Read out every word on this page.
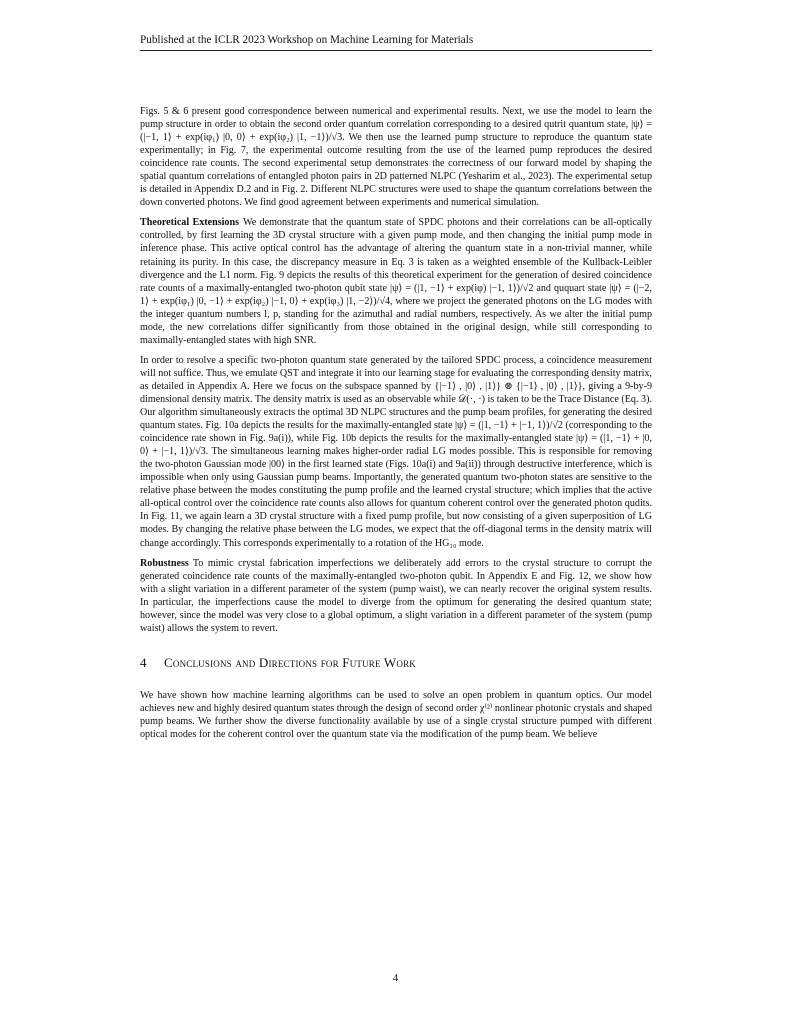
Published at the ICLR 2023 Workshop on Machine Learning for Materials

Figs. 5 & 6 present good correspondence between numerical and experimental results. Next, we use the model to learn the pump structure in order to obtain the second order quantum correlation corresponding to a desired qutrit quantum state, |ψ⟩ = (|−1, 1⟩ + exp(iφ₁) |0, 0⟩ + exp(iφ₂) |1, −1⟩)/√3. We then use the learned pump structure to reproduce the quantum state experimentally; in Fig. 7, the experimental outcome resulting from the use of the learned pump reproduces the desired coincidence rate counts. The second experimental setup demonstrates the correctness of our forward model by shaping the spatial quantum correlations of entangled photon pairs in 2D patterned NLPC (Yesharim et al., 2023). The experimental setup is detailed in Appendix D.2 and in Fig. 2. Different NLPC structures were used to shape the quantum correlations between the down converted photons. We find good agreement between experiments and numerical simulation.

Theoretical Extensions We demonstrate that the quantum state of SPDC photons and their correlations can be all-optically controlled, by first learning the 3D crystal structure with a given pump mode, and then changing the initial pump mode in inference phase. This active optical control has the advantage of altering the quantum state in a non-trivial manner, while retaining its purity. In this case, the discrepancy measure in Eq. 3 is taken as a weighted ensemble of the Kullback-Leibler divergence and the L1 norm. Fig. 9 depicts the results of this theoretical experiment for the generation of desired coincidence rate counts of a maximally-entangled two-photon qubit state |ψ⟩ = (|1, −1⟩ + exp(iφ) |−1, 1⟩)/√2 and ququart state |ψ⟩ = (|−2, 1⟩ + exp(iφ₁) |0, −1⟩ + exp(iφ₂) |−1, 0⟩ + exp(iφ₃) |1, −2⟩)/√4, where we project the generated photons on the LG modes with the integer quantum numbers l, p, standing for the azimuthal and radial numbers, respectively. As we alter the initial pump mode, the new correlations differ significantly from those obtained in the original design, while still corresponding to maximally-entangled states with high SNR.

In order to resolve a specific two-photon quantum state generated by the tailored SPDC process, a coincidence measurement will not suffice. Thus, we emulate QST and integrate it into our learning stage for evaluating the corresponding density matrix, as detailed in Appendix A. Here we focus on the subspace spanned by {|−1⟩ , |0⟩ , |1⟩} ⊗ {|−1⟩ , |0⟩ , |1⟩}, giving a 9-by-9 dimensional density matrix. The density matrix is used as an observable while 𝒟(·, ·) is taken to be the Trace Distance (Eq. 3). Our algorithm simultaneously extracts the optimal 3D NLPC structures and the pump beam profiles, for generating the desired quantum states. Fig. 10a depicts the results for the maximally-entangled state |ψ⟩ = (|1, −1⟩ + |−1, 1⟩)/√2 (corresponding to the coincidence rate shown in Fig. 9a(i)), while Fig. 10b depicts the results for the maximally-entangled state |ψ⟩ = (|1, −1⟩ + |0, 0⟩ + |−1, 1⟩)/√3. The simultaneous learning makes higher-order radial LG modes possible. This is responsible for removing the two-photon Gaussian mode |00⟩ in the first learned state (Figs. 10a(i) and 9a(ii)) through destructive interference, which is impossible when only using Gaussian pump beams. Importantly, the generated quantum two-photon states are sensitive to the relative phase between the modes constituting the pump profile and the learned crystal structure; which implies that the active all-optical control over the coincidence rate counts also allows for quantum coherent control over the generated photon qudits. In Fig. 11, we again learn a 3D crystal structure with a fixed pump profile, but now consisting of a given superposition of LG modes. By changing the relative phase between the LG modes, we expect that the off-diagonal terms in the density matrix will change accordingly. This corresponds experimentally to a rotation of the HG₁₀ mode.

Robustness To mimic crystal fabrication imperfections we deliberately add errors to the crystal structure to corrupt the generated coincidence rate counts of the maximally-entangled two-photon qubit. In Appendix E and Fig. 12, we show how with a slight variation in a different parameter of the system (pump waist), we can nearly recover the original system results. In particular, the imperfections cause the model to diverge from the optimum for generating the desired quantum state; however, since the model was very close to a global optimum, a slight variation in a different parameter of the system (pump waist) allows the system to revert.

4 Conclusions and Directions for Future Work

We have shown how machine learning algorithms can be used to solve an open problem in quantum optics. Our model achieves new and highly desired quantum states through the design of second order χ⁽²⁾ nonlinear photonic crystals and shaped pump beams. We further show the diverse functionality available by use of a single crystal structure pumped with different optical modes for the coherent control over the quantum state via the modification of the pump beam. We believe

4
